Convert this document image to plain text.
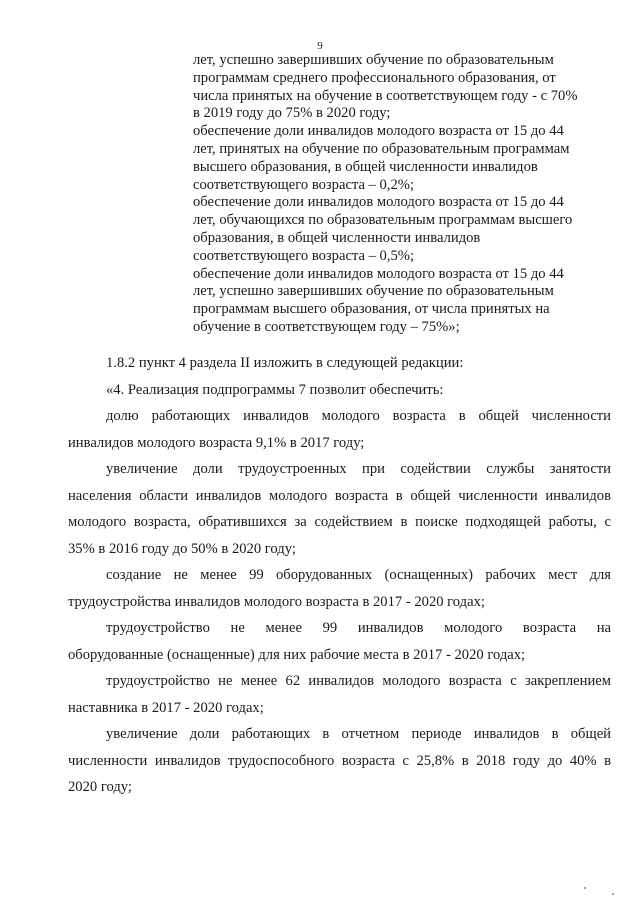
9
лет, успешно завершивших обучение по образовательным
программам среднего профессионального образования, от
числа принятых на обучение в соответствующем году - с 70%
в 2019 году до 75% в 2020 году;
обеспечение доли инвалидов молодого возраста от 15 до 44
лет, принятых на обучение по образовательным программам
высшего образования, в общей численности инвалидов
соответствующего возраста – 0,2%;
обеспечение доли инвалидов молодого возраста от 15 до 44
лет, обучающихся по образовательным программам высшего
образования, в общей численности инвалидов
соответствующего возраста – 0,5%;
обеспечение доли инвалидов молодого возраста от 15 до 44
лет, успешно завершивших обучение по образовательным
программам высшего образования, от числа принятых на
обучение в соответствующем году – 75%»;
1.8.2 пункт 4 раздела II изложить в следующей редакции:
«4. Реализация подпрограммы 7 позволит обеспечить:
долю работающих инвалидов молодого возраста в общей численности
инвалидов молодого возраста 9,1% в 2017 году;
увеличение доли трудоустроенных при содействии службы занятости
населения области инвалидов молодого возраста в общей численности инвалидов
молодого возраста, обратившихся за содействием в поиске подходящей работы, с
35% в 2016 году до 50% в 2020 году;
создание не менее 99 оборудованных (оснащенных) рабочих мест для
трудоустройства инвалидов молодого возраста в 2017 - 2020 годах;
трудоустройство не менее 99 инвалидов молодого возраста на
оборудованные (оснащенные) для них рабочие места в 2017 - 2020 годах;
трудоустройство не менее 62 инвалидов молодого возраста с закреплением
наставника в 2017 - 2020 годах;
увеличение доли работающих в отчетном периоде инвалидов в общей
численности инвалидов трудоспособного возраста с 25,8% в 2018 году до 40% в
2020 году;
